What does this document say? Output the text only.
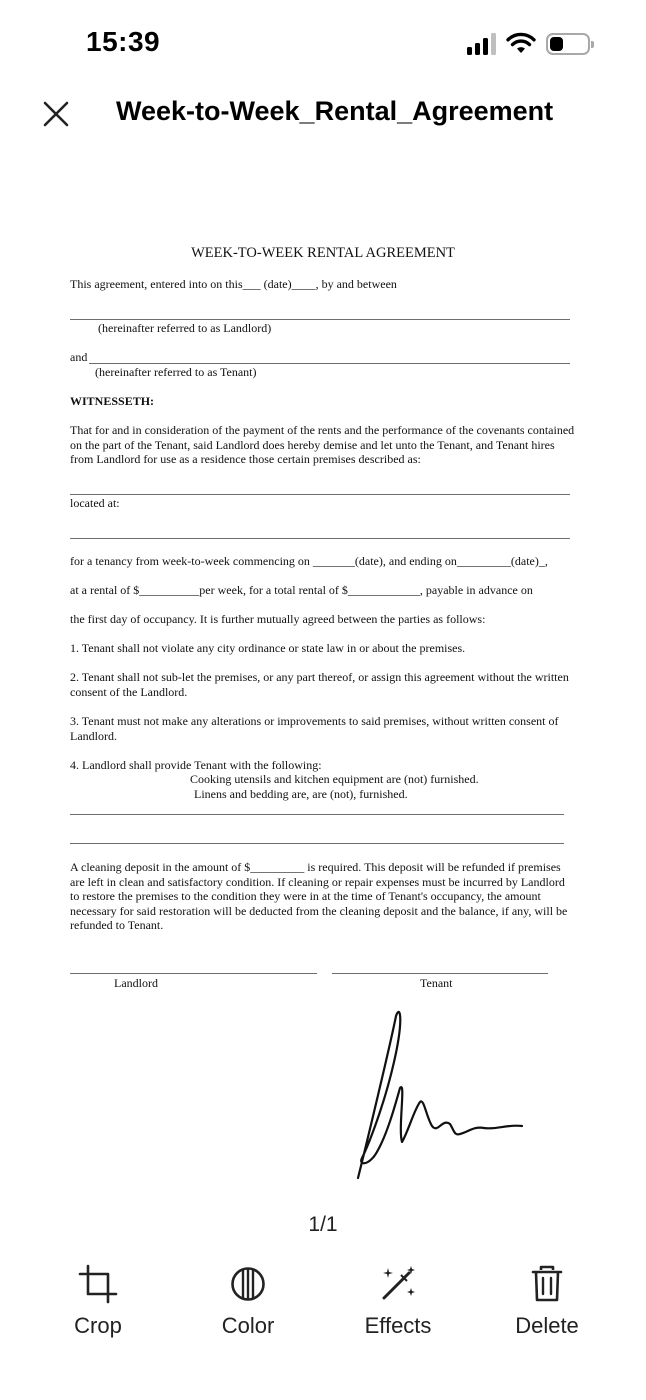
15:39
Week-to-Week_Rental_Agreement
WEEK-TO-WEEK RENTAL AGREEMENT
This agreement, entered into on this___ (date)____, by and between
(hereinafter referred to as Landlord)
and
(hereinafter referred to as Tenant)
WITNESSETH:
That for and in consideration of the payment of the rents and the performance of the covenants contained on the part of the Tenant, said Landlord does hereby demise and let unto the Tenant, and Tenant hires from Landlord for use as a residence those certain premises described as:
located at:
for a tenancy from week-to-week commencing on _______(date), and ending on_________(date)_,
at a rental of $__________per week, for a total rental of $____________, payable in advance on
the first day of occupancy. It is further mutually agreed between the parties as follows:
1. Tenant shall not violate any city ordinance or state law in or about the premises.
2. Tenant shall not sub-let the premises, or any part thereof, or assign this agreement without the written consent of the Landlord.
3. Tenant must not make any alterations or improvements to said premises, without written consent of Landlord.
4. Landlord shall provide Tenant with the following:
Cooking utensils and kitchen equipment are (not) furnished.
Linens and bedding are, are (not), furnished.
A cleaning deposit in the amount of $_________ is required. This deposit will be refunded if premises are left in clean and satisfactory condition. If cleaning or repair expenses must be incurred by Landlord to restore the premises to the condition they were in at the time of Tenant's occupancy, the amount necessary for said restoration will be deducted from the cleaning deposit and the balance, if any, will be refunded to Tenant.
Landlord	Tenant
1/1
Crop	Color	Effects	Delete
